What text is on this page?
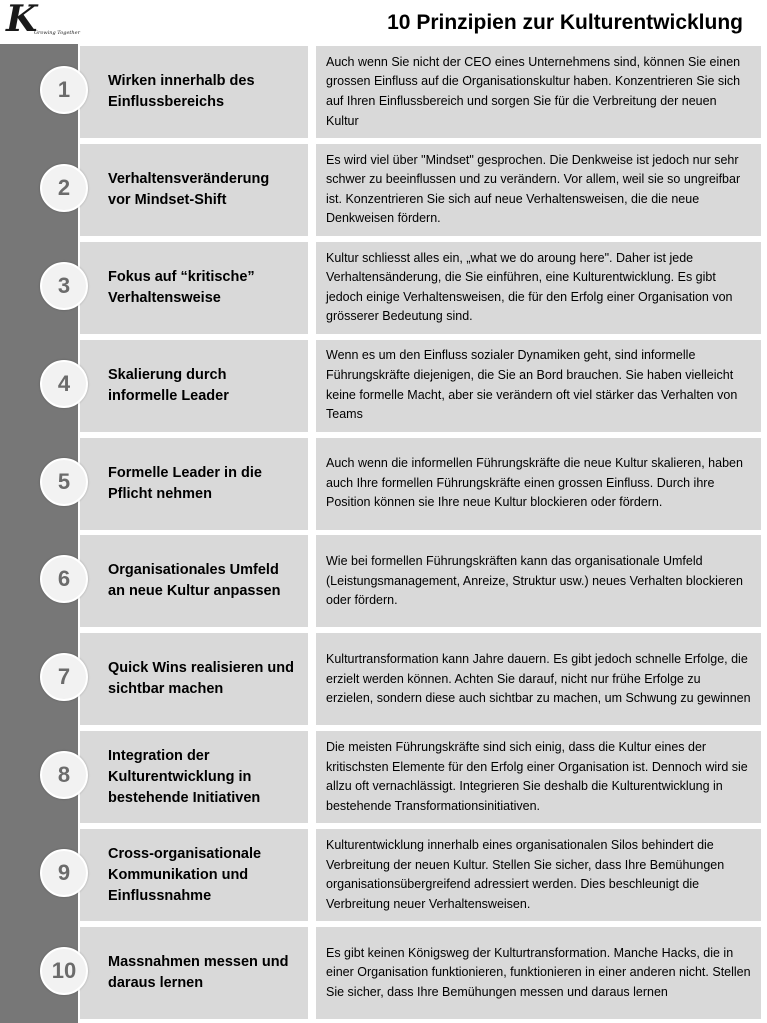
K
Growing Together	10 Prinzipien zur Kulturentwicklung
Wirken innerhalb des
Einflussbereichs
Auch wenn Sie nicht der CEO eines Unternehmens sind, können Sie einen grossen Einfluss auf die Organisationskultur haben. Konzentrieren Sie sich auf Ihren Einflussbereich und sorgen Sie für die Verbreitung der neuen Kultur
1
Verhaltensveränderung
vor Mindset-Shift
Es wird viel über "Mindset" gesprochen. Die Denkweise ist jedoch nur sehr schwer zu beeinflussen und zu verändern. Vor allem, weil sie so ungreifbar ist. Konzentrieren Sie sich auf neue Verhaltensweisen, die die neue Denkweisen fördern.
2
Fokus auf “kritische”
Verhaltensweise
Kultur schliesst alles ein, „what we do aroung here". Daher ist jede Verhaltensänderung, die Sie einführen, eine Kulturentwicklung. Es gibt jedoch einige Verhaltensweisen, die für den Erfolg einer Organisation von grösserer Bedeutung sind.
3
Skalierung durch
informelle Leader
Wenn es um den Einfluss sozialer Dynamiken geht, sind informelle Führungskräfte diejenigen, die Sie an Bord brauchen. Sie haben vielleicht keine formelle Macht, aber sie verändern oft viel stärker das Verhalten von Teams
4
Formelle Leader in die
Pflicht nehmen
Auch wenn die informellen Führungskräfte die neue Kultur skalieren, haben auch Ihre formellen Führungskräfte einen grossen Einfluss. Durch ihre Position können sie Ihre neue Kultur blockieren oder fördern.
5
Organisationales Umfeld
an neue Kultur anpassen
Wie bei formellen Führungskräften kann das organisationale Umfeld (Leistungsmanagement, Anreize, Struktur usw.) neues Verhalten blockieren oder fördern.
6
Quick Wins realisieren und
sichtbar machen
Kulturtransformation kann Jahre dauern. Es gibt jedoch schnelle Erfolge, die erzielt werden können. Achten Sie darauf, nicht nur frühe Erfolge zu erzielen, sondern diese auch sichtbar zu machen, um Schwung zu gewinnen
7
Integration der
Kulturentwicklung in
bestehende Initiativen
Die meisten Führungskräfte sind sich einig, dass die Kultur eines der kritischsten Elemente für den Erfolg einer Organisation ist. Dennoch wird sie allzu oft vernachlässigt. Integrieren Sie deshalb die Kulturentwicklung in bestehende Transformationsinitiativen.
8
Cross-organisationale
Kommunikation und
Einflussnahme
Kulturentwicklung innerhalb eines organisationalen Silos behindert die Verbreitung der neuen Kultur. Stellen Sie sicher, dass Ihre Bemühungen organisationsübergreifend adressiert werden. Dies beschleunigt die Verbreitung neuer Verhaltensweisen.
9
Massnahmen messen und
daraus lernen
Es gibt keinen Königsweg der Kulturtransformation. Manche Hacks, die in einer Organisation funktionieren, funktionieren in einer anderen nicht. Stellen Sie sicher, dass Ihre Bemühungen messen und daraus lernen
10
